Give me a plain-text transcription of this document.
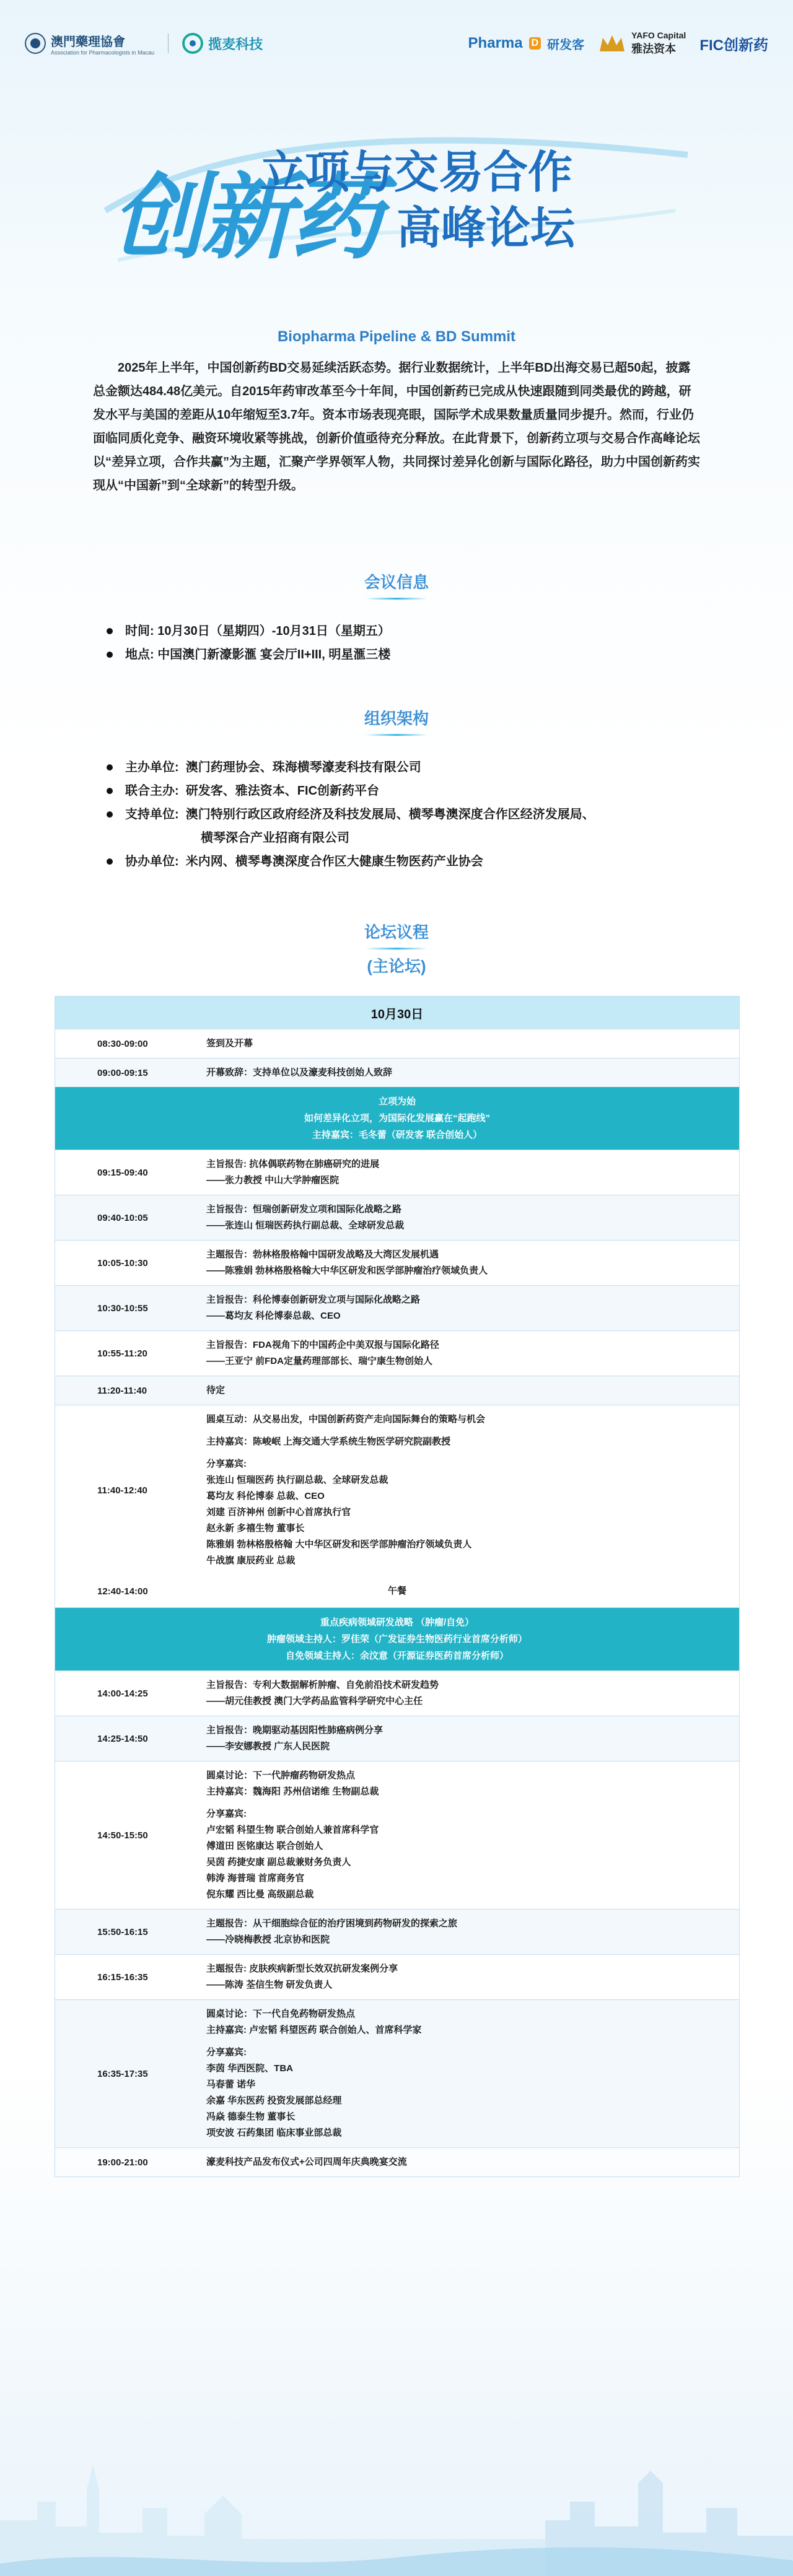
澳門藥理協會
Association for Pharmacologists in Macau
揽麦科技	Pharma D 研发客
YAFO Capital
雅法资本	FIC创新药
创新药
立项与交易合作
高峰论坛
Biopharma Pipeline & BD Summit
2025年上半年，中国创新药BD交易延续活跃态势。据行业数据统计，上半年BD出海交易已超50起，披露总金额达484.48亿美元。自2015年药审改革至今十年间，中国创新药已完成从快速跟随到同类最优的跨越，研发水平与美国的差距从10年缩短至3.7年。资本市场表现亮眼，国际学术成果数量质量同步提升。然而，行业仍面临同质化竞争、融资环境收紧等挑战，创新价值亟待充分释放。在此背景下，创新药立项与交易合作高峰论坛以“差异立项，合作共赢”为主题，汇聚产学界领军人物，共同探讨差异化创新与国际化路径，助力中国创新药实现从“中国新”到“全球新”的转型升级。
会议信息
时间: 10月30日（星期四）-10月31日（星期五）
地点: 中国澳门新濠影滙 宴会厅II+III, 明星滙三楼
组织架构
主办单位: 澳门药理协会、珠海横琴濠麦科技有限公司
联合主办: 研发客、雅法资本、FIC创新药平台
支持单位: 澳门特别行政区政府经济及科技发展局、横琴粤澳深度合作区经济发展局、
横琴深合产业招商有限公司
协办单位: 米内网、横琴粤澳深度合作区大健康生物医药产业协会
论坛议程
(主论坛)
10月30日
08:30-09:00	签到及开幕
09:00-09:15	开幕致辞：支持单位以及濠麦科技创始人致辞
立项为始
如何差异化立项，为国际化发展赢在“起跑线”
主持嘉宾：毛冬蕾（研发客 联合创始人）
09:15-09:40
主旨报告: 抗体偶联药物在肺癌研究的进展
——张力教授 中山大学肿瘤医院
09:40-10:05
主旨报告：恒瑞创新研发立项和国际化战略之路
——张连山 恒瑞医药执行副总裁、全球研发总裁
10:05-10:30
主题报告：勃林格殷格翰中国研发战略及大湾区发展机遇
——陈雅娟 勃林格殷格翰大中华区研发和医学部肿瘤治疗领域负责人
10:30-10:55
主旨报告：科伦博泰创新研发立项与国际化战略之路
——葛均友 科伦博泰总裁、CEO
10:55-11:20
主旨报告：FDA视角下的中国药企中美双报与国际化路径
——王亚宁 前FDA定量药理部部长、瑞宁康生物创始人
11:20-11:40	待定
11:40-12:40
圆桌互动：从交易出发，中国创新药资产走向国际舞台的策略与机会
主持嘉宾：陈峻岷 上海交通大学系统生物医学研究院副教授
分享嘉宾:
张连山 恒瑞医药 执行副总裁、全球研发总裁
葛均友 科伦博泰 总裁、CEO
刘建 百济神州 创新中心首席执行官
赵永新 多禧生物 董事长
陈雅娟 勃林格殷格翰 大中华区研发和医学部肿瘤治疗领域负责人
牛战旗 康辰药业 总裁
12:40-14:00	午餐
重点疾病领域研发战略 （肿瘤/自免）
肿瘤领域主持人：罗佳荣（广发证券生物医药行业首席分析师）
自免领域主持人：余汶意（开源证券医药首席分析师）
14:00-14:25
主旨报告：专利大数据解析肿瘤、自免前沿技术研发趋势
——胡元佳教授 澳门大学药品监管科学研究中心主任
14:25-14:50
主旨报告：晚期驱动基因阳性肺癌病例分享
——李安娜教授 广东人民医院
14:50-15:50
圆桌讨论：下一代肿瘤药物研发热点
主持嘉宾：魏海阳 苏州信诺维 生物副总裁
分享嘉宾:
卢宏韬 科望生物 联合创始人兼首席科学官
傅道田 医铭康达 联合创始人
吴茵 药捷安康 副总裁兼财务负责人
韩涛 海普瑞 首席商务官
倪东耀 西比曼 高级副总裁
15:50-16:15
主题报告：从干细胞综合征的治疗困境到药物研发的探索之旅
——冷晓梅教授 北京协和医院
16:15-16:35
主题报告: 皮肤疾病新型长效双抗研发案例分享
——陈涛 荃信生物 研发负责人
16:35-17:35
圆桌讨论：下一代自免药物研发热点
主持嘉宾: 卢宏韬 科望医药 联合创始人、首席科学家
分享嘉宾:
李茵 华西医院、TBA
马春蕾 诺华
余嘉 华东医药 投资发展部总经理
冯焱 德泰生物 董事长
项安波 石药集团 临床事业部总裁
19:00-21:00	濠麦科技产品发布仪式+公司四周年庆典晚宴交流
